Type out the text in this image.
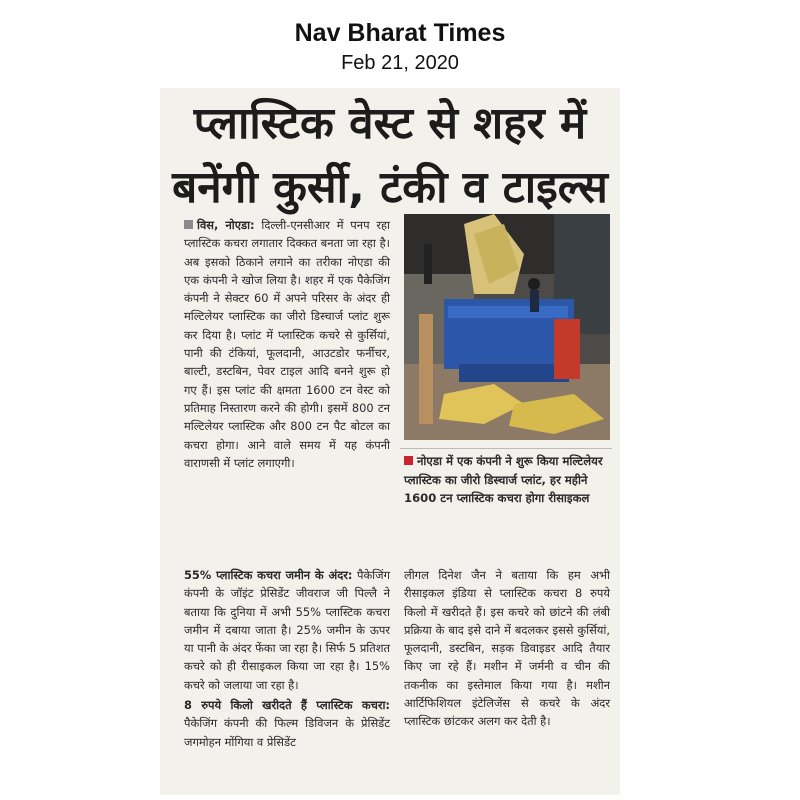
Nav Bharat Times
Feb 21, 2020
प्लास्टिक वेस्ट से शहर में
बनेंगी कुर्सी, टंकी व टाइल्स

विस, नोएडा: दिल्ली-एनसीआर में पनप रहा प्लास्टिक कचरा लगातार दिक्कत बनता जा रहा है। अब इसको ठिकाने लगाने का तरीका नोएडा की एक कंपनी ने खोज लिया है। शहर में एक पैकेजिंग कंपनी ने सेक्टर 60 में अपने परिसर के अंदर ही मल्टिलेयर प्लास्टिक का जीरो डिस्चार्ज प्लांट शुरू कर दिया है। प्लांट में प्लास्टिक कचरे से कुर्सियां, पानी की टंकियां, फूलदानी, आउटडोर फर्नीचर, बाल्टी, डस्टबिन, पेवर टाइल आदि बनने शुरू हो गए हैं। इस प्लांट की क्षमता 1600 टन वेस्ट को प्रतिमाह निस्तारण करने की होगी। इसमें 800 टन मल्टिलेयर प्लास्टिक और 800 टन पैट बोटल का कचरा होगा। आने वाले समय में यह कंपनी वाराणसी में प्लांट लगाएगी।	नोएडा में एक कंपनी ने शुरू किया मल्टिलेयर प्लास्टिक का जीरो डिस्चार्ज प्लांट, हर महीने 1600 टन प्लास्टिक कचरा होगा रीसाइकल

55% प्लास्टिक कचरा जमीन के अंदर: पैकेजिंग कंपनी के जॉइंट प्रेसिडेंट जीवराज जी पिल्लै ने बताया कि दुनिया में अभी 55% प्लास्टिक कचरा जमीन में दबाया जाता है। 25% जमीन के ऊपर या पानी के अंदर फेंका जा रहा है। सिर्फ 5 प्रतिशत कचरे को ही रीसाइकल किया जा रहा है। 15% कचरे को जलाया जा रहा है।

8 रुपये किलो खरीदते हैं प्लास्टिक कचरा: पैकेजिंग कंपनी की फिल्म डिविजन के प्रेसिडेंट जगमोहन मोंगिया व प्रेसिडेंट

लीगल दिनेश जैन ने बताया कि हम अभी रीसाइकल इंडिया से प्लास्टिक कचरा 8 रुपये किलो में खरीदते हैं। इस कचरे को छांटने की लंबी प्रक्रिया के बाद इसे दाने में बदलकर इससे कुर्सियां, फूलदानी, डस्टबिन, सड़क डिवाइडर आदि तैयार किए जा रहे हैं। मशीन में जर्मनी व चीन की तकनीक का इस्तेमाल किया गया है। मशीन आर्टिफिशियल इंटेलिजेंस से कचरे के अंदर प्लास्टिक छांटकर अलग कर देती है।
